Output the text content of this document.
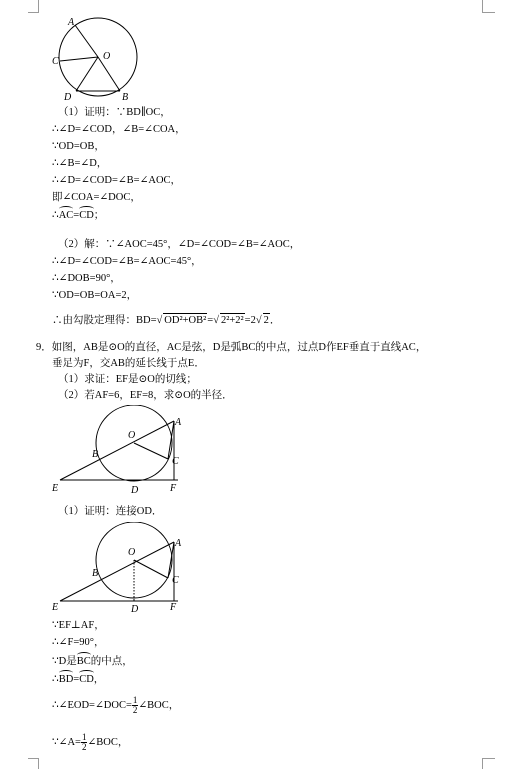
A
C	O
D	B
（1）证明：∵BD∥OC，
∴∠D=∠COD，∠B=∠COA，
∵OD=OB，
∴∠B=∠D，
∴∠D=∠COD=∠B=∠AOC，
即∠COA=∠DOC，
∴AC=CD；
（2）解：∵∠AOC=45°，∠D=∠COD=∠B=∠AOC，
∴∠D=∠COD=∠B=∠AOC=45°，
∴∠DOB=90°，
∵OD=OB=OA=2，
∴由勾股定理得：BD=√ OD²+OB²=√ 2²+2²=2√ 2．
9．如图，AB是⊙O的直径，AC是弦，D是弧BC的中点，过点D作EF垂直于直线AC，
垂足为F，交AB的延长线于点E．
（1）求证：EF是⊙O的切线；
（2）若AF=6，EF=8，求⊙O的半径．
O
A
B
C
E	D	F
（1）证明：连接OD．
O
A
B
C
E	D	F
∵EF⊥AF，
∴∠F=90°，
∵D是BC的中点，
∴BD=CD，
∴∠EOD=∠DOC= $\frac{1}{2}$ ∠BOC，
∵∠A= $\frac{1}{2}$ ∠BOC，
